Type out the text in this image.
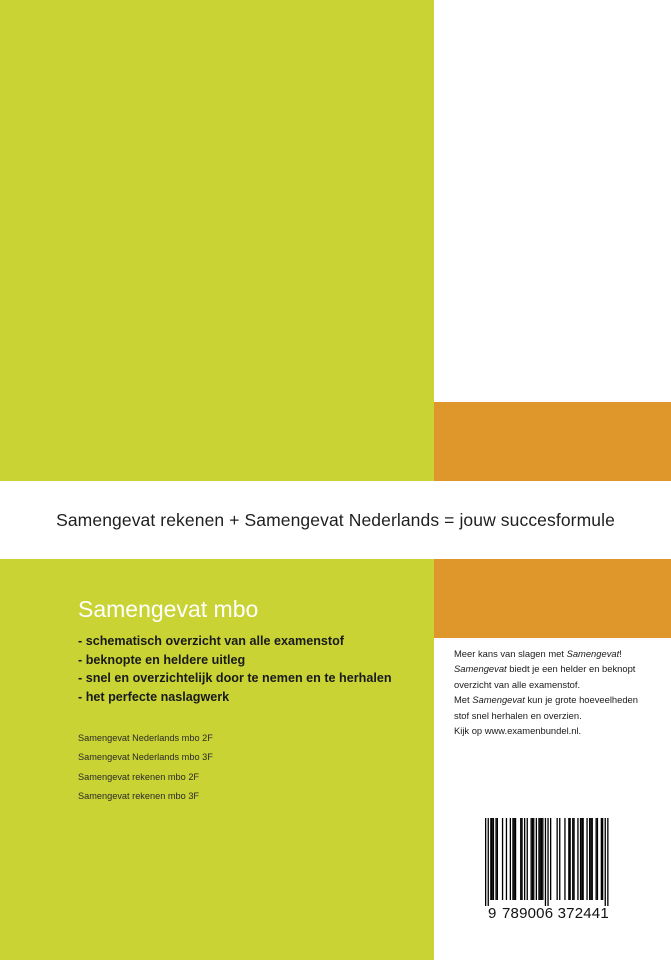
Samengevat rekenen + Samengevat Nederlands = jouw succesformule
Samengevat mbo
- schematisch overzicht van alle examenstof
- beknopte en heldere uitleg
- snel en overzichtelijk door te nemen en te herhalen
- het perfecte naslagwerk
Samengevat Nederlands mbo 2F
Samengevat Nederlands mbo 3F
Samengevat rekenen mbo 2F
Samengevat rekenen mbo 3F

Meer kans van slagen met Samengevat!

Samengevat biedt je een helder en beknopt

overzicht van alle examenstof.

Met Samengevat kun je grote hoeveelheden

stof snel herhalen en overzien.

Kijk op www.examenbundel.nl.

9 789006 372441
